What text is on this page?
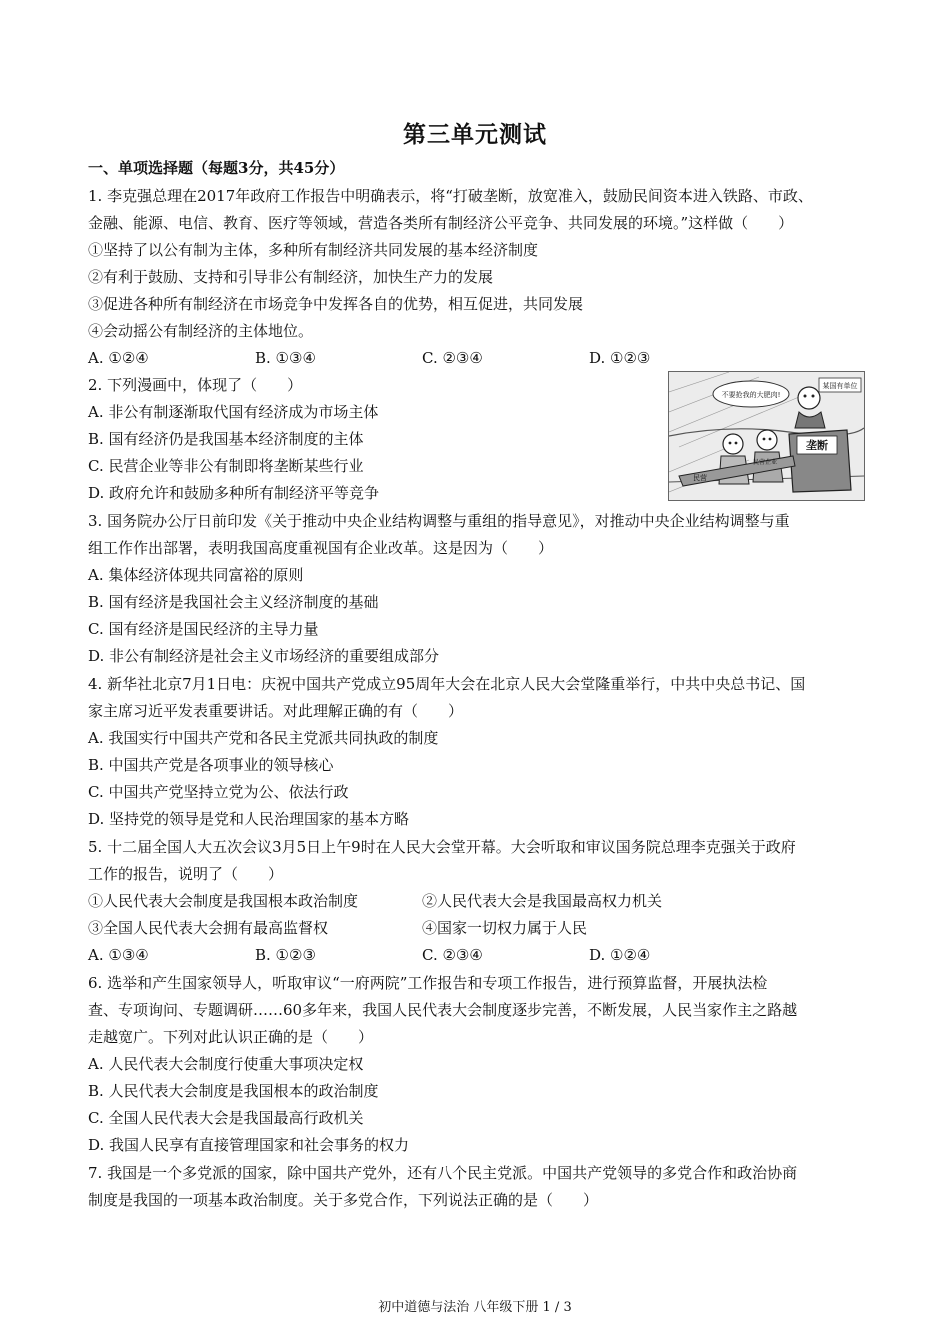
第三单元测试
一、单项选择题（每题3分，共45分）
1. 李克强总理在2017年政府工作报告中明确表示，将“打破垄断，放宽准入，鼓励民间资本进入铁路、市政、
金融、能源、电信、教育、医疗等领域，营造各类所有制经济公平竞争、共同发展的环境。”这样做（　　）
①坚持了以公有制为主体，多种所有制经济共同发展的基本经济制度
②有利于鼓励、支持和引导非公有制经济，加快生产力的发展
③促进各种所有制经济在市场竞争中发挥各自的优势，相互促进，共同发展
④会动摇公有制经济的主体地位。
A. ①②④	B. ①③④	C. ②③④	D. ①②③
2. 下列漫画中，体现了（　　）
A. 非公有制逐渐取代国有经济成为市场主体
B. 国有经济仍是我国基本经济制度的主体
C. 民营企业等非公有制即将垄断某些行业
D. 政府允许和鼓励多种所有制经济平等竞争
不要抢我的大肥肉!
某国有单位
垄断
民营
民营企业
3. 国务院办公厅日前印发《关于推动中央企业结构调整与重组的指导意见》，对推动中央企业结构调整与重
组工作作出部署，表明我国高度重视国有企业改革。这是因为（　　）
A. 集体经济体现共同富裕的原则
B. 国有经济是我国社会主义经济制度的基础
C. 国有经济是国民经济的主导力量
D. 非公有制经济是社会主义市场经济的重要组成部分
4. 新华社北京7月1日电：庆祝中国共产党成立95周年大会在北京人民大会堂隆重举行，中共中央总书记、国
家主席习近平发表重要讲话。对此理解正确的有（　　）
A. 我国实行中国共产党和各民主党派共同执政的制度
B. 中国共产党是各项事业的领导核心
C. 中国共产党坚持立党为公、依法行政
D. 坚持党的领导是党和人民治理国家的基本方略
5. 十二届全国人大五次会议3月5日上午9时在人民大会堂开幕。大会听取和审议国务院总理李克强关于政府
工作的报告，说明了（　　）
①人民代表大会制度是我国根本政治制度	②人民代表大会是我国最高权力机关
③全国人民代表大会拥有最高监督权	④国家一切权力属于人民
A. ①③④	B. ①②③	C. ②③④	D. ①②④
6. 选举和产生国家领导人，听取审议“一府两院”工作报告和专项工作报告，进行预算监督，开展执法检
查、专项询问、专题调研……60多年来，我国人民代表大会制度逐步完善，不断发展，人民当家作主之路越
走越宽广。下列对此认识正确的是（　　）
A. 人民代表大会制度行使重大事项决定权
B. 人民代表大会制度是我国根本的政治制度
C. 全国人民代表大会是我国最高行政机关
D. 我国人民享有直接管理国家和社会事务的权力
7. 我国是一个多党派的国家，除中国共产党外，还有八个民主党派。中国共产党领导的多党合作和政治协商
制度是我国的一项基本政治制度。关于多党合作，下列说法正确的是（　　）
初中道德与法治 八年级下册 1 / 3
